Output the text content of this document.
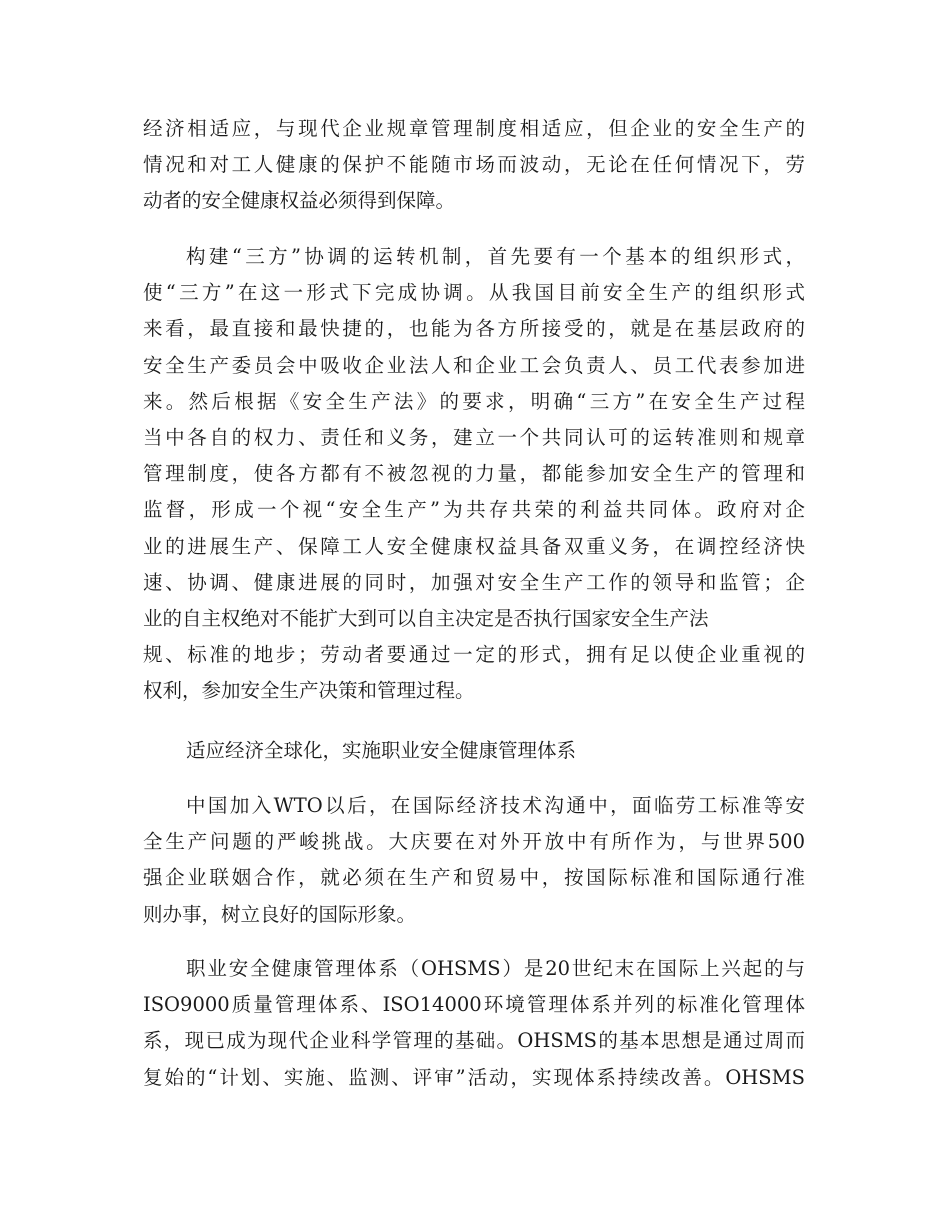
经济相适应，与现代企业规章管理制度相适应，但企业的安全生产的
情况和对工人健康的保护不能随市场而波动，无论在任何情况下，劳
动者的安全健康权益必须得到保障。
构建“三方”协调的运转机制，首先要有一个基本的组织形式，
使“三方”在这一形式下完成协调。从我国目前安全生产的组织形式
来看，最直接和最快捷的，也能为各方所接受的，就是在基层政府的
安全生产委员会中吸收企业法人和企业工会负责人、员工代表参加进
来。然后根据《安全生产法》的要求，明确“三方”在安全生产过程
当中各自的权力、责任和义务，建立一个共同认可的运转准则和规章
管理制度，使各方都有不被忽视的力量，都能参加安全生产的管理和
监督，形成一个视“安全生产”为共存共荣的利益共同体。政府对企
业的进展生产、保障工人安全健康权益具备双重义务，在调控经济快
速、协调、健康进展的同时，加强对安全生产工作的领导和监管；企
业的自主权绝对不能扩大到可以自主决定是否执行国家安全生产法
规、标准的地步；劳动者要通过一定的形式，拥有足以使企业重视的
权利，参加安全生产决策和管理过程。
适应经济全球化，实施职业安全健康管理体系
中国加入WTO以后，在国际经济技术沟通中，面临劳工标准等安
全生产问题的严峻挑战。大庆要在对外开放中有所作为，与世界500
强企业联姻合作，就必须在生产和贸易中，按国际标准和国际通行准
则办事，树立良好的国际形象。
职业安全健康管理体系（OHSMS）是20世纪末在国际上兴起的与
ISO9000质量管理体系、ISO14000环境管理体系并列的标准化管理体
系，现已成为现代企业科学管理的基础。OHSMS的基本思想是通过周而
复始的“计划、实施、监测、评审”活动，实现体系持续改善。OHSMS
